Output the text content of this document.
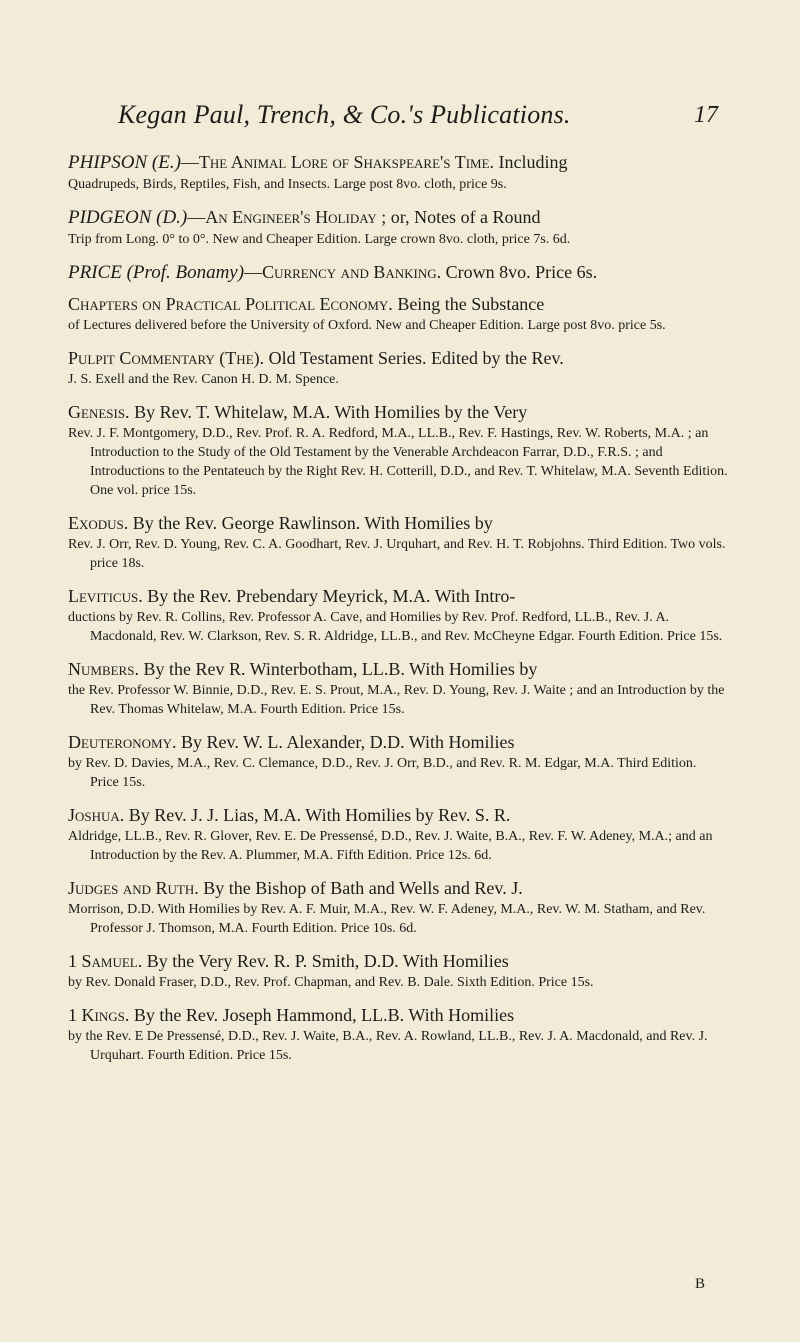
Kegan Paul, Trench, & Co.'s Publications.	17
PHIPSON (E.)—The Animal Lore of Shakspeare's Time. Including
Quadrupeds, Birds, Reptiles, Fish, and Insects. Large post 8vo. cloth, price 9s.
PIDGEON (D.)—An Engineer's Holiday ; or, Notes of a Round
Trip from Long. 0° to 0°. New and Cheaper Edition. Large crown 8vo. cloth, price 7s. 6d.
PRICE (Prof. Bonamy)—Currency and Banking. Crown 8vo. Price 6s.
Chapters on Practical Political Economy. Being the Substance
of Lectures delivered before the University of Oxford. New and Cheaper Edition. Large post 8vo. price 5s.
Pulpit Commentary (The). Old Testament Series. Edited by the Rev.
J. S. Exell and the Rev. Canon H. D. M. Spence.
Genesis. By Rev. T. Whitelaw, M.A. With Homilies by the Very
Rev. J. F. Montgomery, D.D., Rev. Prof. R. A. Redford, M.A., LL.B., Rev. F. Hastings, Rev. W. Roberts, M.A. ; an Introduction to the Study of the Old Testament by the Venerable Archdeacon Farrar, D.D., F.R.S. ; and Introductions to the Pentateuch by the Right Rev. H. Cotterill, D.D., and Rev. T. Whitelaw, M.A. Seventh Edition. One vol. price 15s.
Exodus. By the Rev. George Rawlinson. With Homilies by
Rev. J. Orr, Rev. D. Young, Rev. C. A. Goodhart, Rev. J. Urquhart, and Rev. H. T. Robjohns. Third Edition. Two vols. price 18s.
Leviticus. By the Rev. Prebendary Meyrick, M.A. With Intro-
ductions by Rev. R. Collins, Rev. Professor A. Cave, and Homilies by Rev. Prof. Redford, LL.B., Rev. J. A. Macdonald, Rev. W. Clarkson, Rev. S. R. Aldridge, LL.B., and Rev. McCheyne Edgar. Fourth Edition. Price 15s.
Numbers. By the Rev R. Winterbotham, LL.B. With Homilies by
the Rev. Professor W. Binnie, D.D., Rev. E. S. Prout, M.A., Rev. D. Young, Rev. J. Waite ; and an Introduction by the Rev. Thomas Whitelaw, M.A. Fourth Edition. Price 15s.
Deuteronomy. By Rev. W. L. Alexander, D.D. With Homilies
by Rev. D. Davies, M.A., Rev. C. Clemance, D.D., Rev. J. Orr, B.D., and Rev. R. M. Edgar, M.A. Third Edition. Price 15s.
Joshua. By Rev. J. J. Lias, M.A. With Homilies by Rev. S. R.
Aldridge, LL.B., Rev. R. Glover, Rev. E. De Pressensé, D.D., Rev. J. Waite, B.A., Rev. F. W. Adeney, M.A.; and an Introduction by the Rev. A. Plummer, M.A. Fifth Edition. Price 12s. 6d.
Judges and Ruth. By the Bishop of Bath and Wells and Rev. J.
Morrison, D.D. With Homilies by Rev. A. F. Muir, M.A., Rev. W. F. Adeney, M.A., Rev. W. M. Statham, and Rev. Professor J. Thomson, M.A. Fourth Edition. Price 10s. 6d.
1 Samuel. By the Very Rev. R. P. Smith, D.D. With Homilies
by Rev. Donald Fraser, D.D., Rev. Prof. Chapman, and Rev. B. Dale. Sixth Edition. Price 15s.
1 Kings. By the Rev. Joseph Hammond, LL.B. With Homilies
by the Rev. E De Pressensé, D.D., Rev. J. Waite, B.A., Rev. A. Rowland, LL.B., Rev. J. A. Macdonald, and Rev. J. Urquhart. Fourth Edition. Price 15s.
B
